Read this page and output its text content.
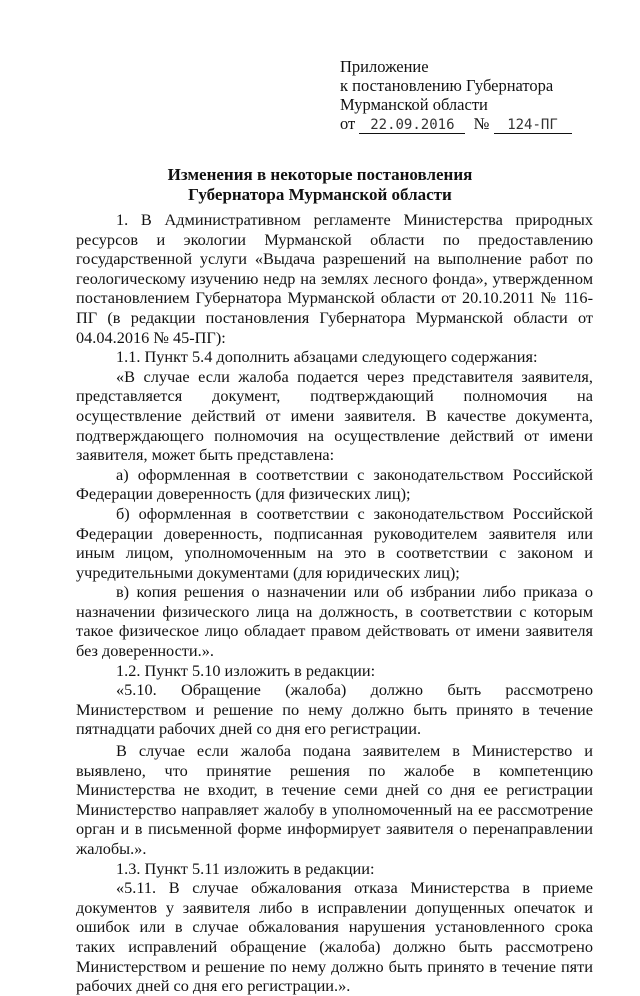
Приложение
к постановлению Губернатора
Мурманской области
от 22.09.2016 № 124-ПГ
Изменения в некоторые постановления
Губернатора Мурманской области

1. В Административном регламенте Министерства природных ресурсов и экологии Мурманской области по предоставлению государственной услуги «Выдача разрешений на выполнение работ по геологическому изучению недр на землях лесного фонда», утвержденном постановлением Губернатора Мурманской области от 20.10.2011 № 116-ПГ (в редакции постановления Губернатора Мурманской области от 04.04.2016 № 45-ПГ):

1.1. Пункт 5.4 дополнить абзацами следующего содержания:

«В случае если жалоба подается через представителя заявителя, представляется документ, подтверждающий полномочия на осуществление действий от имени заявителя. В качестве документа, подтверждающего полномочия на осуществление действий от имени заявителя, может быть представлена:

а) оформленная в соответствии с законодательством Российской Федерации доверенность (для физических лиц);

б) оформленная в соответствии с законодательством Российской Федерации доверенность, подписанная руководителем заявителя или иным лицом, уполномоченным на это в соответствии с законом и учредительными документами (для юридических лиц);

в) копия решения о назначении или об избрании либо приказа о назначении физического лица на должность, в соответствии с которым такое физическое лицо обладает правом действовать от имени заявителя без доверенности.».

1.2. Пункт 5.10 изложить в редакции:

«5.10. Обращение (жалоба) должно быть рассмотрено Министерством и решение по нему должно быть принято в течение пятнадцати рабочих дней со дня его регистрации.

В случае если жалоба подана заявителем в Министерство и выявлено, что принятие решения по жалобе в компетенцию Министерства не входит, в течение семи дней со дня ее регистрации Министерство направляет жалобу в уполномоченный на ее рассмотрение орган и в письменной форме информирует заявителя о перенаправлении жалобы.».

1.3. Пункт 5.11 изложить в редакции:

«5.11. В случае обжалования отказа Министерства в приеме документов у заявителя либо в исправлении допущенных опечаток и ошибок или в случае обжалования нарушения установленного срока таких исправлений обращение (жалоба) должно быть рассмотрено Министерством и решение по нему должно быть принято в течение пяти рабочих дней со дня его регистрации.».
